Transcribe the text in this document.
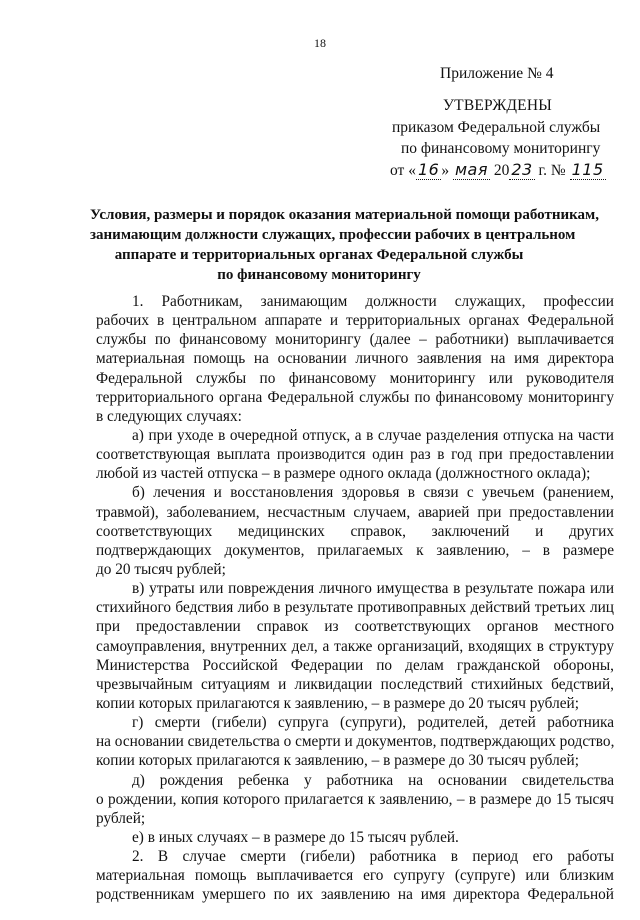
18
Приложение № 4
УТВЕРЖДЕНЫ
приказом Федеральной службы
по финансовому мониторингу
от « 16 » мая 20 23 г. № 115
Условия, размеры и порядок оказания материальной помощи работникам,
занимающим должности служащих, профессии рабочих в центральном
аппарате и территориальных органах Федеральной службы
по финансовому мониторингу
1. Работникам, занимающим должности служащих, профессии
рабочих в центральном аппарате и территориальных органах Федеральной
службы по финансовому мониторингу (далее – работники) выплачивается
материальная помощь на основании личного заявления на имя директора
Федеральной службы по финансовому мониторингу или руководителя
территориального органа Федеральной службы по финансовому мониторингу
в следующих случаях:
а) при уходе в очередной отпуск, а в случае разделения отпуска на части
соответствующая выплата производится один раз в год при предоставлении
любой из частей отпуска – в размере одного оклада (должностного оклада);
б) лечения и восстановления здоровья в связи с увечьем (ранением,
травмой), заболеванием, несчастным случаем, аварией при предоставлении
соответствующих медицинских справок, заключений и других
подтверждающих документов, прилагаемых к заявлению, – в размере
до 20 тысяч рублей;
в) утраты или повреждения личного имущества в результате пожара или
стихийного бедствия либо в результате противоправных действий третьих лиц
при предоставлении справок из соответствующих органов местного
самоуправления, внутренних дел, а также организаций, входящих в структуру
Министерства Российской Федерации по делам гражданской обороны,
чрезвычайным ситуациям и ликвидации последствий стихийных бедствий,
копии которых прилагаются к заявлению, – в размере до 20 тысяч рублей;
г) смерти (гибели) супруга (супруги), родителей, детей работника
на основании свидетельства о смерти и документов, подтверждающих родство,
копии которых прилагаются к заявлению, – в размере до 30 тысяч рублей;
д) рождения ребенка у работника на основании свидетельства
о рождении, копия которого прилагается к заявлению, – в размере до 15 тысяч
рублей;
е) в иных случаях – в размере до 15 тысяч рублей.
2. В случае смерти (гибели) работника в период его работы
материальная помощь выплачивается его супругу (супруге) или близким
родственникам умершего по их заявлению на имя директора Федеральной
